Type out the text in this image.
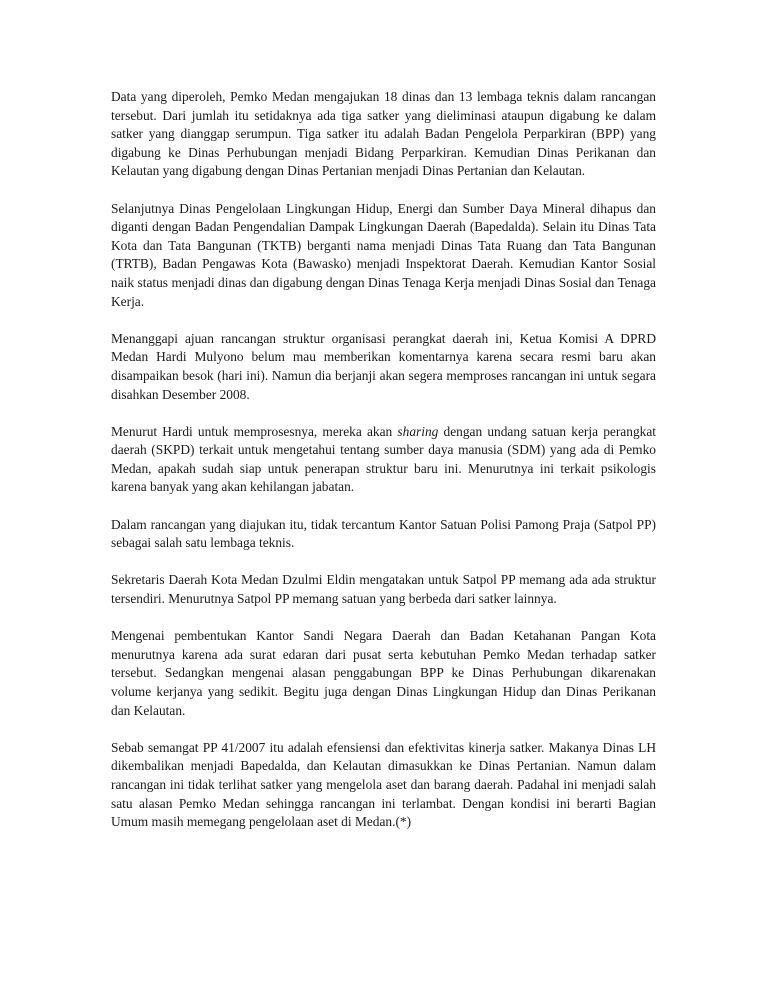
Data yang diperoleh, Pemko Medan mengajukan 18 dinas dan 13 lembaga teknis dalam rancangan tersebut. Dari jumlah itu setidaknya ada tiga satker yang dieliminasi ataupun digabung ke dalam satker yang dianggap serumpun. Tiga satker itu adalah Badan Pengelola Perparkiran (BPP) yang digabung ke Dinas Perhubungan menjadi Bidang Perparkiran. Kemudian Dinas Perikanan dan Kelautan yang digabung dengan Dinas Pertanian menjadi Dinas Pertanian dan Kelautan.

Selanjutnya Dinas Pengelolaan Lingkungan Hidup, Energi dan Sumber Daya Mineral dihapus dan diganti dengan Badan Pengendalian Dampak Lingkungan Daerah (Bapedalda). Selain itu Dinas Tata Kota dan Tata Bangunan (TKTB) berganti nama menjadi Dinas Tata Ruang dan Tata Bangunan (TRTB), Badan Pengawas Kota (Bawasko) menjadi Inspektorat Daerah. Kemudian Kantor Sosial naik status menjadi dinas dan digabung dengan Dinas Tenaga Kerja menjadi Dinas Sosial dan Tenaga Kerja.

Menanggapi ajuan rancangan struktur organisasi perangkat daerah ini, Ketua Komisi A DPRD Medan Hardi Mulyono belum mau memberikan komentarnya karena secara resmi baru akan disampaikan besok (hari ini). Namun dia berjanji akan segera memproses rancangan ini untuk segara disahkan Desember 2008.

Menurut Hardi untuk memprosesnya, mereka akan sharing dengan undang satuan kerja perangkat daerah (SKPD) terkait untuk mengetahui tentang sumber daya manusia (SDM) yang ada di Pemko Medan, apakah sudah siap untuk penerapan struktur baru ini. Menurutnya ini terkait psikologis karena banyak yang akan kehilangan jabatan.

Dalam rancangan yang diajukan itu, tidak tercantum Kantor Satuan Polisi Pamong Praja (Satpol PP) sebagai salah satu lembaga teknis.

Sekretaris Daerah Kota Medan Dzulmi Eldin mengatakan untuk Satpol PP memang ada ada struktur tersendiri. Menurutnya Satpol PP memang satuan yang berbeda dari satker lainnya.

Mengenai pembentukan Kantor Sandi Negara Daerah dan Badan Ketahanan Pangan Kota menurutnya karena ada surat edaran dari pusat serta kebutuhan Pemko Medan terhadap satker tersebut. Sedangkan mengenai alasan penggabungan BPP ke Dinas Perhubungan dikarenakan volume kerjanya yang sedikit. Begitu juga dengan Dinas Lingkungan Hidup dan Dinas Perikanan dan Kelautan.

Sebab semangat PP 41/2007 itu adalah efensiensi dan efektivitas kinerja satker. Makanya Dinas LH dikembalikan menjadi Bapedalda, dan Kelautan dimasukkan ke Dinas Pertanian. Namun dalam rancangan ini tidak terlihat satker yang mengelola aset dan barang daerah. Padahal ini menjadi salah satu alasan Pemko Medan sehingga rancangan ini terlambat. Dengan kondisi ini berarti Bagian Umum masih memegang pengelolaan aset di Medan.(*)
